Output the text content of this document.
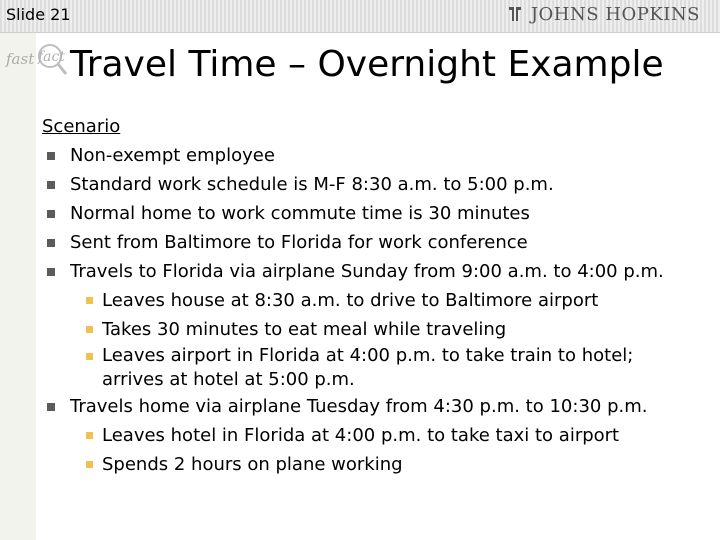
Slide 21	JOHNS HOPKINS
fast fact Travel Time – Overnight Example
Scenario
Non-exempt employee
Standard work schedule is M-F 8:30 a.m. to 5:00 p.m.
Normal home to work commute time is 30 minutes
Sent from Baltimore to Florida for work conference
Travels to Florida via airplane Sunday from 9:00 a.m. to 4:00 p.m.
Leaves house at 8:30 a.m. to drive to Baltimore airport
Takes 30 minutes to eat meal while traveling
Leaves airport in Florida at 4:00 p.m. to take train to hotel; arrives at hotel at 5:00 p.m.
Travels home via airplane Tuesday from 4:30 p.m. to 10:30 p.m.
Leaves hotel in Florida at 4:00 p.m. to take taxi to airport
Spends 2 hours on plane working
